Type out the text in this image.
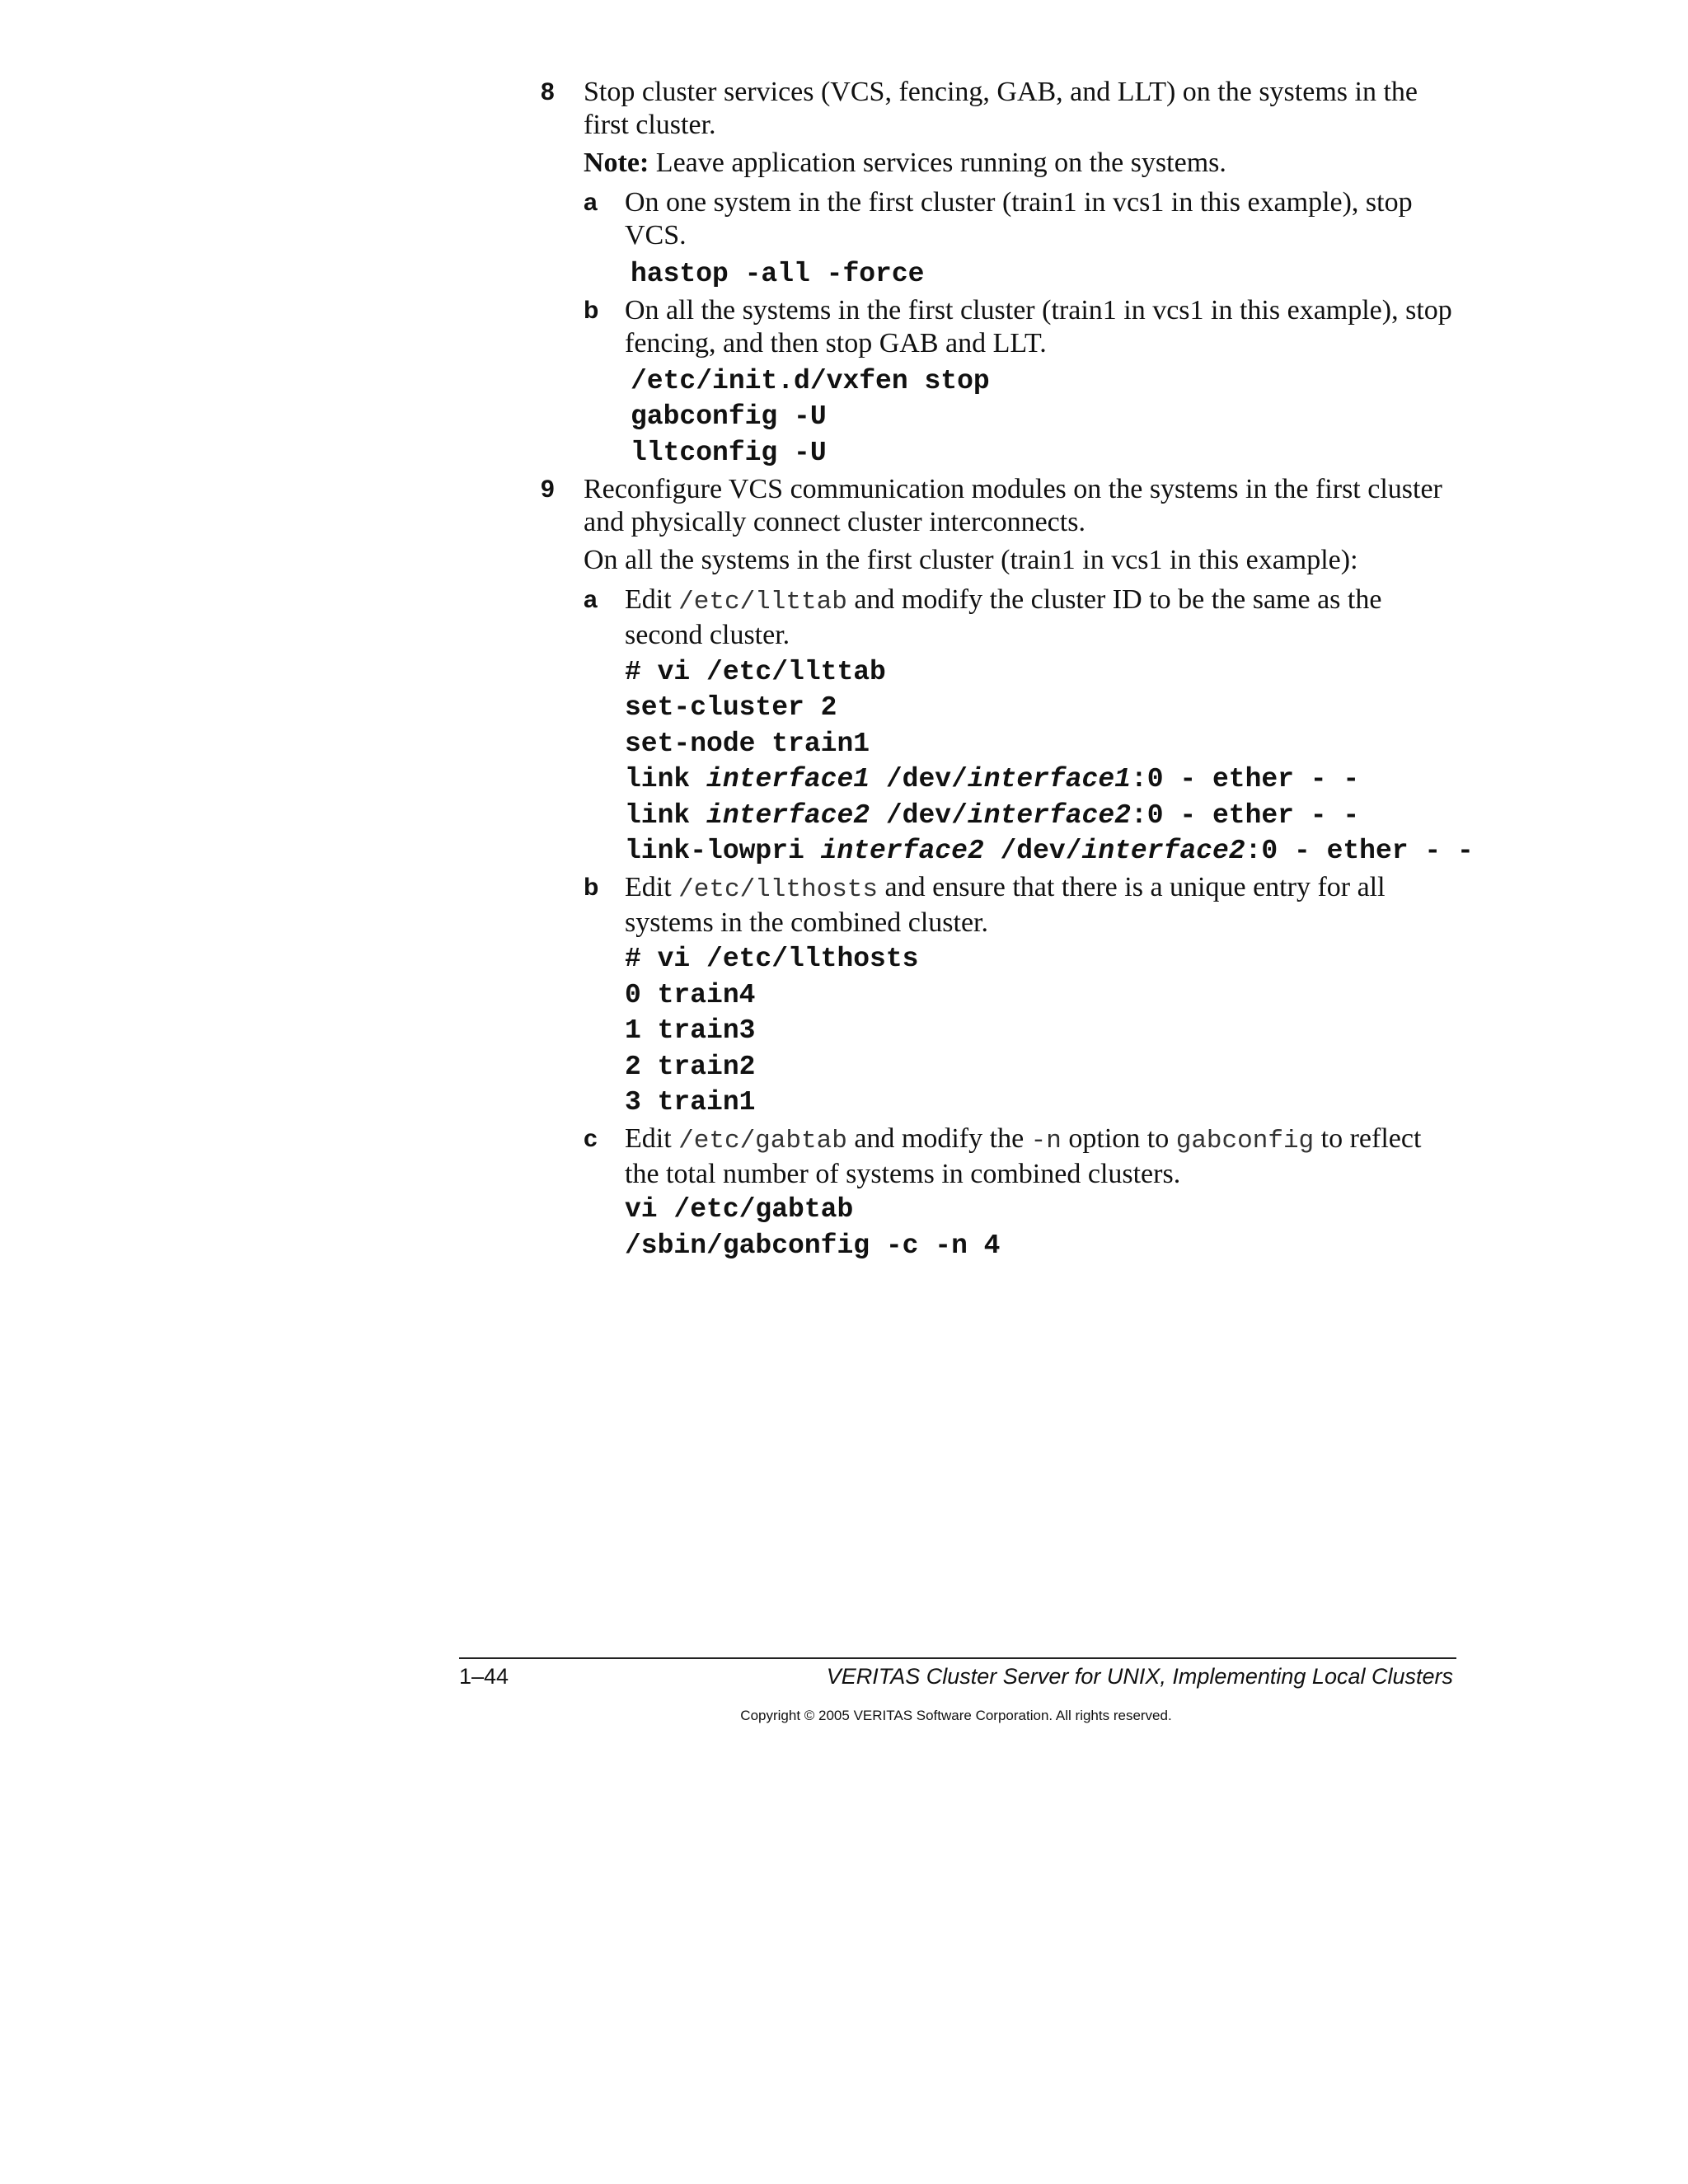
8 Stop cluster services (VCS, fencing, GAB, and LLT) on the systems in the first cluster.

Note: Leave application services running on the systems.

a On one system in the first cluster (train1 in vcs1 in this example), stop VCS.

hastop -all -force

b On all the systems in the first cluster (train1 in vcs1 in this example), stop fencing, and then stop GAB and LLT.

/etc/init.d/vxfen stop

gabconfig -U

lltconfig -U

9 Reconfigure VCS communication modules on the systems in the first cluster and physically connect cluster interconnects.

On all the systems in the first cluster (train1 in vcs1 in this example):

a Edit /etc/llttab and modify the cluster ID to be the same as the second cluster.

# vi /etc/llttab

set-cluster 2

set-node train1

link interface1 /dev/interface1:0 - ether - -

link interface2 /dev/interface2:0 - ether - -

link-lowpri interface2 /dev/interface2:0 - ether - -

b Edit /etc/llthosts and ensure that there is a unique entry for all systems in the combined cluster.

# vi /etc/llthosts

0 train4

1 train3

2 train2

3 train1

c Edit /etc/gabtab and modify the -n option to gabconfig to reflect the total number of systems in combined clusters.

vi /etc/gabtab

/sbin/gabconfig -c -n 4

1–44	VERITAS Cluster Server for UNIX, Implementing Local Clusters
Copyright © 2005 VERITAS Software Corporation. All rights reserved.
